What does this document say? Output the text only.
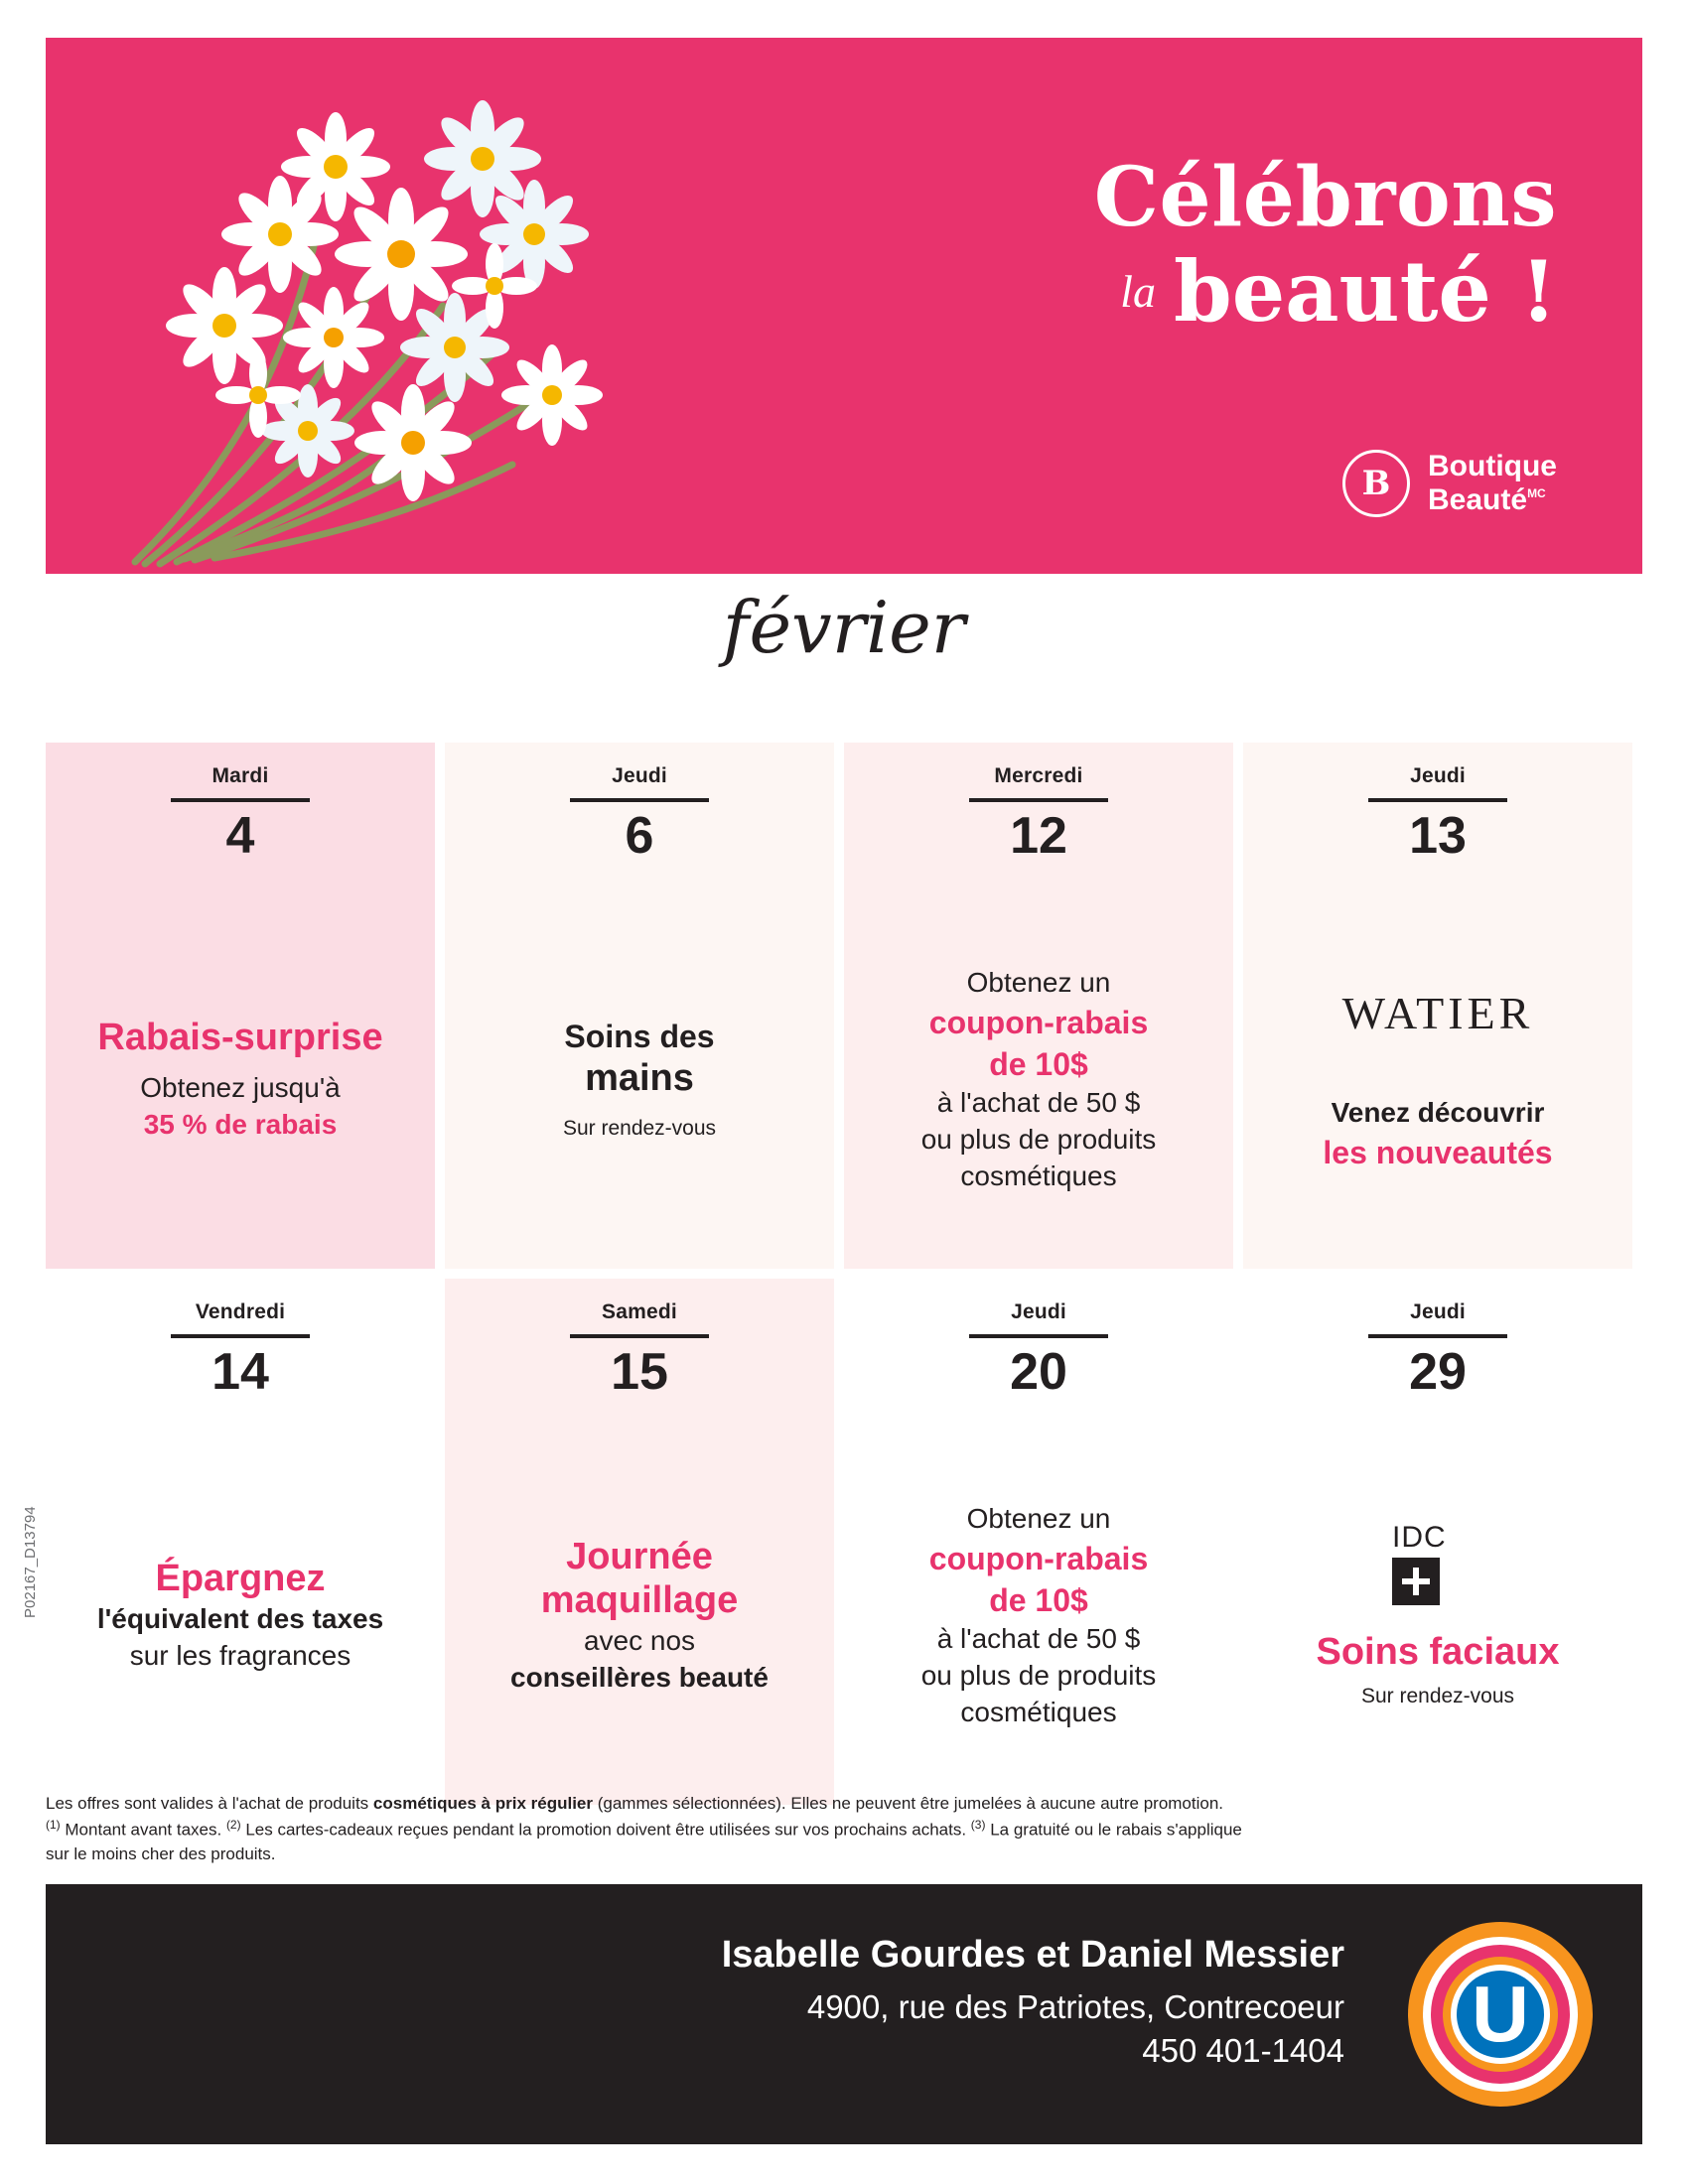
Célébrons
la beauté !
B	Boutique
Beauté$^{MC}$
février
Mardi
4
Rabais-surprise
Obtenez jusqu'à
35 % de rabais
Jeudi
6
Soins des
mains
Sur rendez-vous
Mercredi
12
Obtenez un
coupon-rabais
de 10$
à l'achat de 50 $
ou plus de produits
cosmétiques
Jeudi
13
WATIER
Venez découvrir
les nouveautés
Vendredi
14
Épargnez
l'équivalent des taxes
sur les fragrances
Samedi
15
Journée
maquillage
avec nos
conseillères beauté
Jeudi
20
Obtenez un
coupon-rabais
de 10$
à l'achat de 50 $
ou plus de produits
cosmétiques
Jeudi
29
IDC
Soins faciaux
Sur rendez-vous
P02167_D13794
Les offres sont valides à l'achat de produits cosmétiques à prix régulier (gammes sélectionnées). Elles ne peuvent être jumelées à aucune autre promotion.
$^{(1)}$ Montant avant taxes. $^{(2)}$ Les cartes-cadeaux reçues pendant la promotion doivent être utilisées sur vos prochains achats. $^{(3)}$ La gratuité ou le rabais s'applique
sur le moins cher des produits.
Isabelle Gourdes et Daniel Messier
4900, rue des Patriotes, Contrecoeur
450 401-1404 U
